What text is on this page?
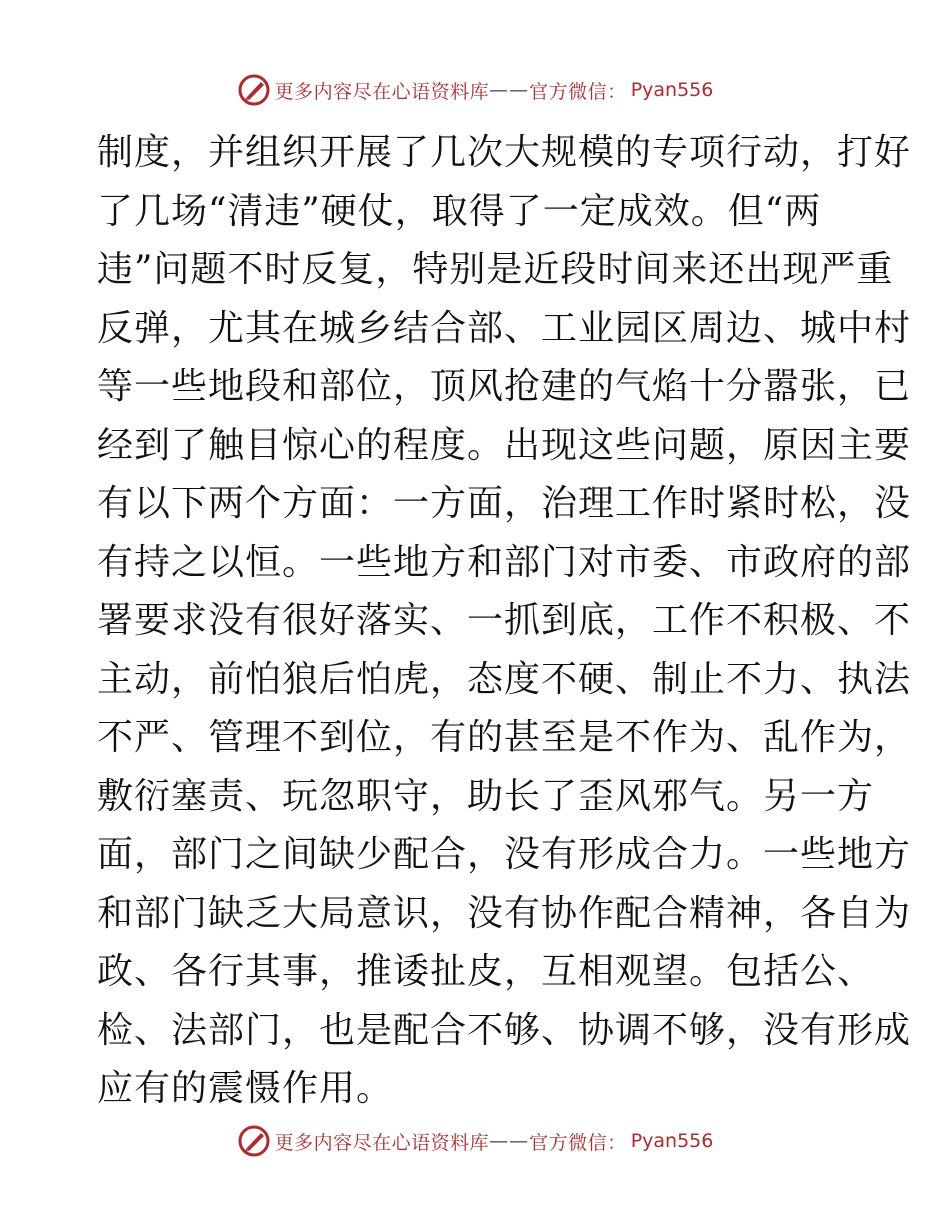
更多内容尽在心语资料库 —— 官方微信： Pyan556
制度，并组织开展了几次大规模的专项行动，打好
了几场“清违”硬仗，取得了一定成效。但“两
违”问题不时反复，特别是近段时间来还出现严重
反弹，尤其在城乡结合部、工业园区周边、城中村
等一些地段和部位，顶风抢建的气焰十分嚣张，已
经到了触目惊心的程度。出现这些问题，原因主要
有以下两个方面：一方面，治理工作时紧时松，没
有持之以恒。一些地方和部门对市委、市政府的部
署要求没有很好落实、一抓到底，工作不积极、不
主动，前怕狼后怕虎，态度不硬、制止不力、执法
不严、管理不到位，有的甚至是不作为、乱作为，
敷衍塞责、玩忽职守，助长了歪风邪气。另一方
面，部门之间缺少配合，没有形成合力。一些地方
和部门缺乏大局意识，没有协作配合精神，各自为
政、各行其事，推诿扯皮，互相观望。包括公、
检、法部门，也是配合不够、协调不够，没有形成
应有的震慑作用。
更多内容尽在心语资料库 —— 官方微信： Pyan556
